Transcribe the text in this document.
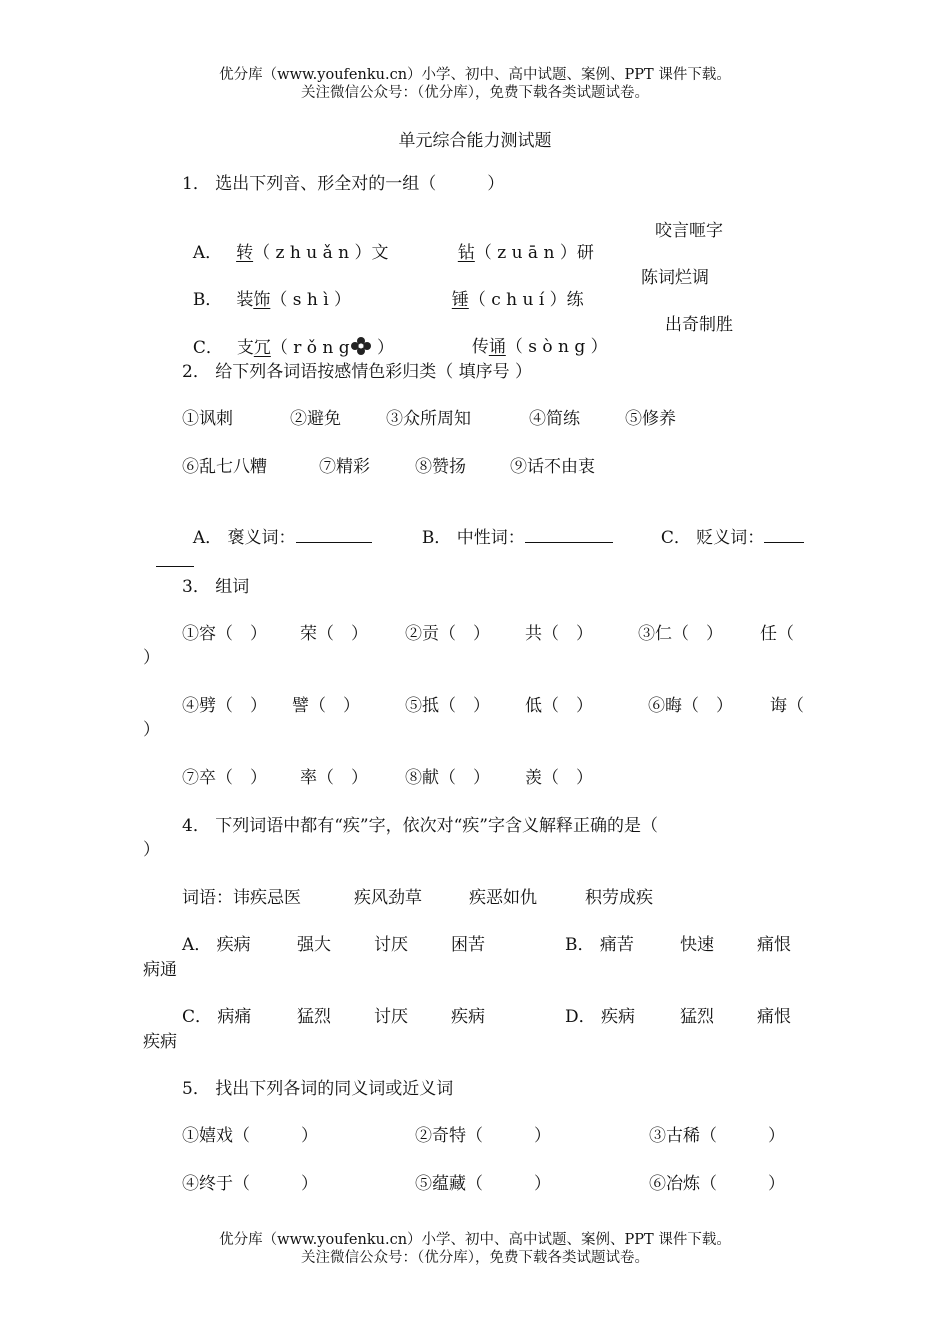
优分库（www.youfenku.cn）小学、初中、高中试题、案例、PPT 课件下载。
关注微信公众号：（优分库），免费下载各类试题试卷。
单元综合能力测试题
1． 选出下列音、形全对的一组（　　　）

A． 转（ z h u ǎ n ）文	钻（ z u ā n ）研

咬言咂字

B． 装饰（ s h ì ）	锤（ c h u í ）练

陈词烂调

C． 支冗（ r ǒ n g ）	传诵（ s ò n g ）

出奇制胜
2． 给下列各词语按感情色彩归类（ 填序号 ）
①讽刺	②避免	③众所周知	④简练	⑤修养
⑥乱七八糟	⑦精彩	⑧赞扬	⑨话不由衷

A． 褒义词：	B． 中性词：	C． 贬义词：

3． 组词
①容（　） 荣（　） ②贡（　） 共（　）	③仁（　） 任（
）
④劈（　） 譬（　）	⑤抵（　） 低（　）	⑥晦（　） 诲（
）
⑦卒（　） 率（　） ⑧献（　） 羡（　）
4． 下列词语中都有“疾”字，依次对“疾”字含义解释正确的是（
）
词语：讳疾忌医	疾风劲草	疾恶如仇	积劳成疾
A． 疾病	强大	讨厌	困苦	B． 痛苦	快速	痛恨
病通
C． 病痛	猛烈	讨厌	疾病	D． 疾病	猛烈	痛恨
疾病
5． 找出下列各词的同义词或近义词
①嬉戏（　　　）	②奇特（　　　）	③古稀（　　　）
④终于（　　　）	⑤蕴藏（　　　）	⑥冶炼（　　　）
优分库（www.youfenku.cn）小学、初中、高中试题、案例、PPT 课件下载。
关注微信公众号：（优分库），免费下载各类试题试卷。
